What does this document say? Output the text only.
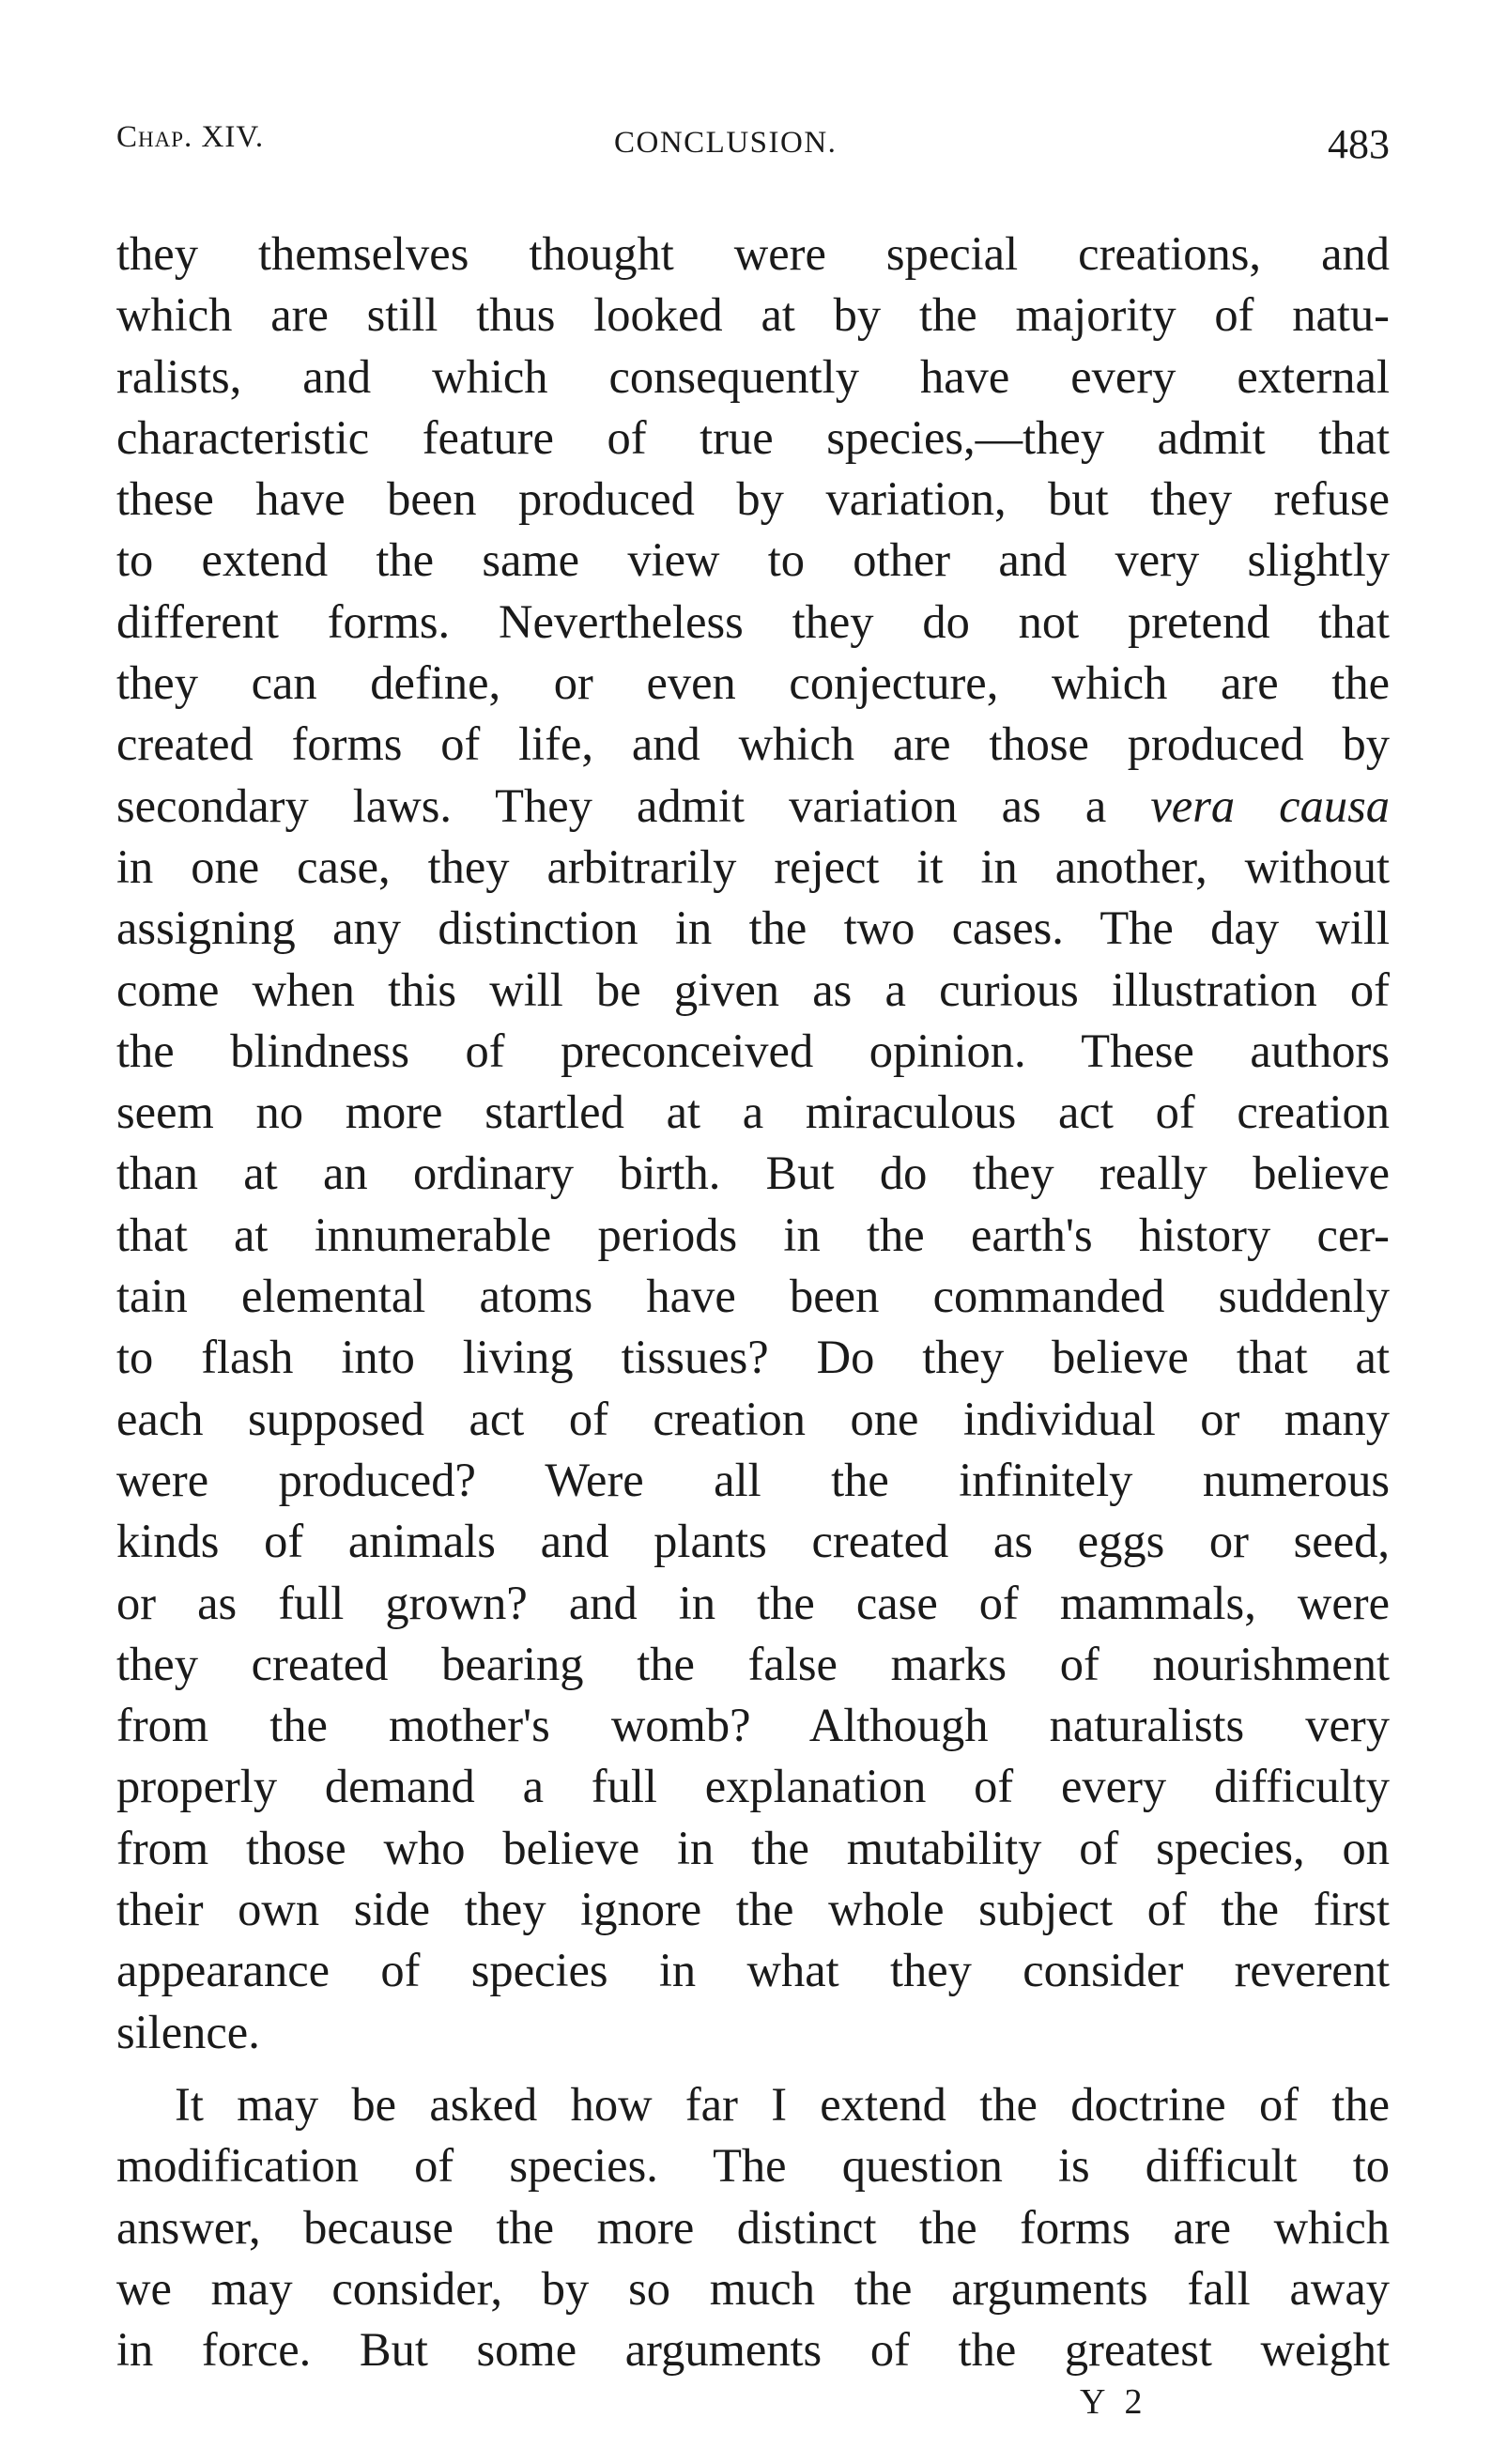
Chap. XIV.	CONCLUSION.	483
they themselves thought were special creations, and
which are still thus looked at by the majority of natu-
ralists, and which consequently have every external
characteristic feature of true species,—they admit that
these have been produced by variation, but they refuse
to extend the same view to other and very slightly
different forms. Nevertheless they do not pretend that
they can define, or even conjecture, which are the
created forms of life, and which are those produced by
secondary laws. They admit variation as a vera causa
in one case, they arbitrarily reject it in another, without
assigning any distinction in the two cases. The day will
come when this will be given as a curious illustration of
the blindness of preconceived opinion. These authors
seem no more startled at a miraculous act of creation
than at an ordinary birth. But do they really believe
that at innumerable periods in the earth's history cer-
tain elemental atoms have been commanded suddenly
to flash into living tissues? Do they believe that at
each supposed act of creation one individual or many
were produced? Were all the infinitely numerous
kinds of animals and plants created as eggs or seed,
or as full grown? and in the case of mammals, were
they created bearing the false marks of nourishment
from the mother's womb? Although naturalists very
properly demand a full explanation of every difficulty
from those who believe in the mutability of species, on
their own side they ignore the whole subject of the first
appearance of species in what they consider reverent
silence.
It may be asked how far I extend the doctrine of the
modification of species. The question is difficult to
answer, because the more distinct the forms are which
we may consider, by so much the arguments fall away
in force. But some arguments of the greatest weight
Y 2
